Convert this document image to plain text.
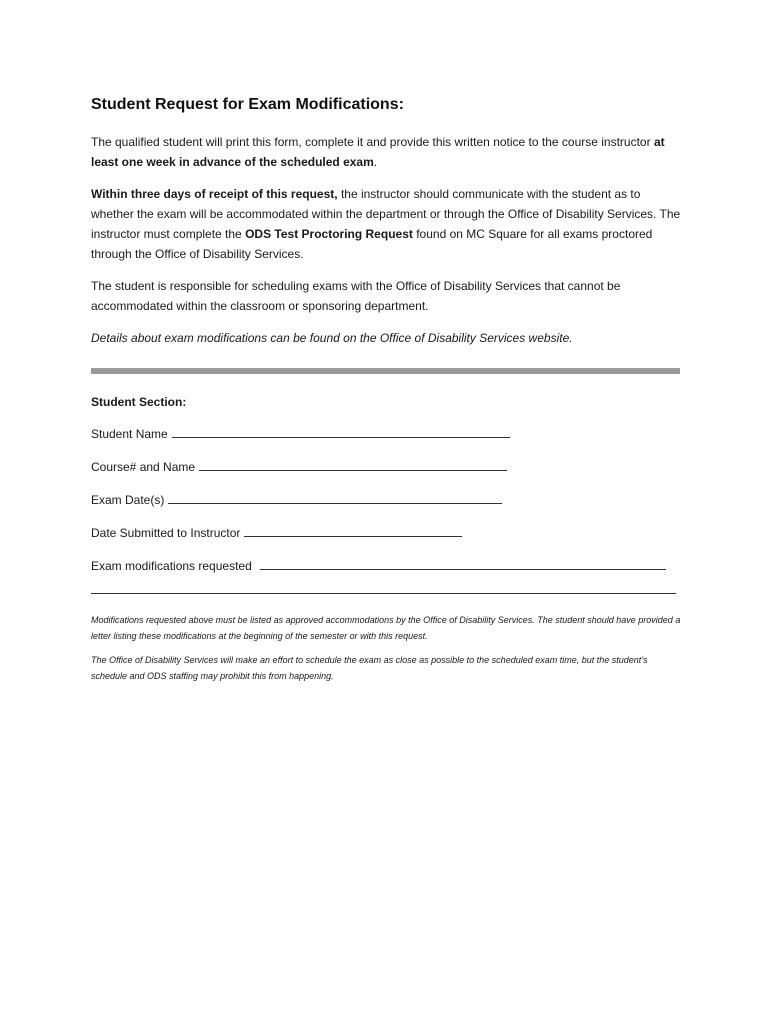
Student Request for Exam Modifications:

The qualified student will print this form, complete it and provide this written notice to the course instructor at least one week in advance of the scheduled exam.

Within three days of receipt of this request, the instructor should communicate with the student as to whether the exam will be accommodated within the department or through the Office of Disability Services. The instructor must complete the ODS Test Proctoring Request found on MC Square for all exams proctored through the Office of Disability Services.

The student is responsible for scheduling exams with the Office of Disability Services that cannot be accommodated within the classroom or sponsoring department.

Details about exam modifications can be found on the Office of Disability Services website.

Student Section:
Student Name
Course# and Name
Exam Date(s)
Date Submitted to Instructor
Exam modifications requested

Modifications requested above must be listed as approved accommodations by the Office of Disability Services. The student should have provided a letter listing these modifications at the beginning of the semester or with this request.

The Office of Disability Services will make an effort to schedule the exam as close as possible to the scheduled exam time, but the student’s schedule and ODS staffing may prohibit this from happening.
